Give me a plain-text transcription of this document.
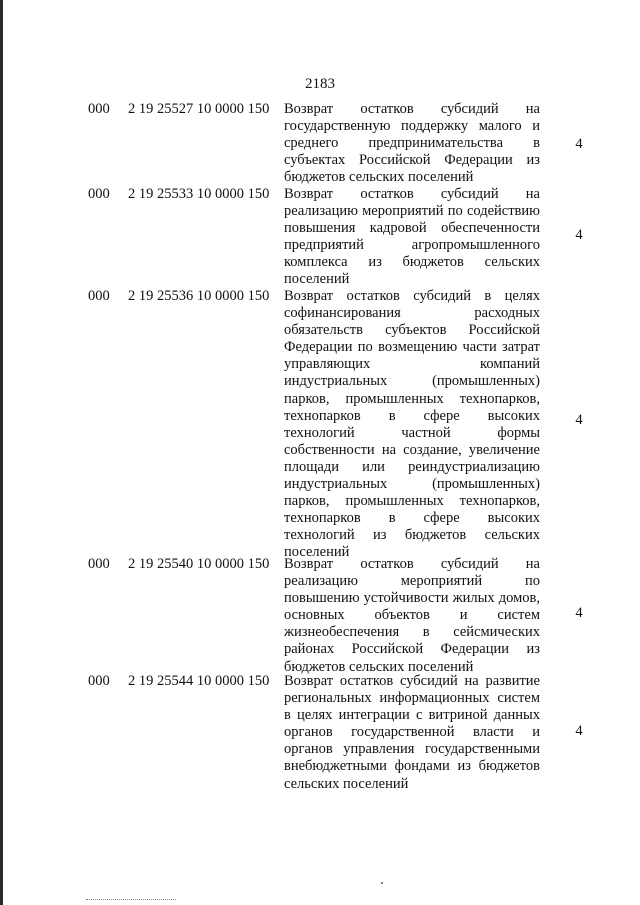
2183
000	2 19 25527 10 0000 150	Возврат остатков субсидий на
государственную поддержку малого и
среднего предпринимательства в
субъектах Российской Федерации из
бюджетов сельских поселений
4
000	2 19 25533 10 0000 150	Возврат остатков субсидий на
реализацию мероприятий по содействию
повышения кадровой обеспеченности
предприятий агропромышленного
комплекса из бюджетов сельских
поселений
4
000	2 19 25536 10 0000 150	Возврат остатков субсидий в целях
софинансирования расходных
обязательств субъектов Российской
Федерации по возмещению части затрат
управляющих компаний
индустриальных (промышленных)
парков, промышленных технопарков,
технопарков в сфере высоких
технологий частной формы
собственности на создание, увеличение
площади или реиндустриализацию
индустриальных (промышленных)
парков, промышленных технопарков,
технопарков в сфере высоких
технологий из бюджетов сельских
поселений
4
000	2 19 25540 10 0000 150	Возврат остатков субсидий на
реализацию мероприятий по
повышению устойчивости жилых домов,
основных объектов и систем
жизнеобеспечения в сейсмических
районах Российской Федерации из
бюджетов сельских поселений
4
000	2 19 25544 10 0000 150	Возврат остатков субсидий на развитие
региональных информационных систем
в целях интеграции с витриной данных
органов государственной власти и
органов управления государственными
внебюджетными фондами из бюджетов
сельских поселений
4
